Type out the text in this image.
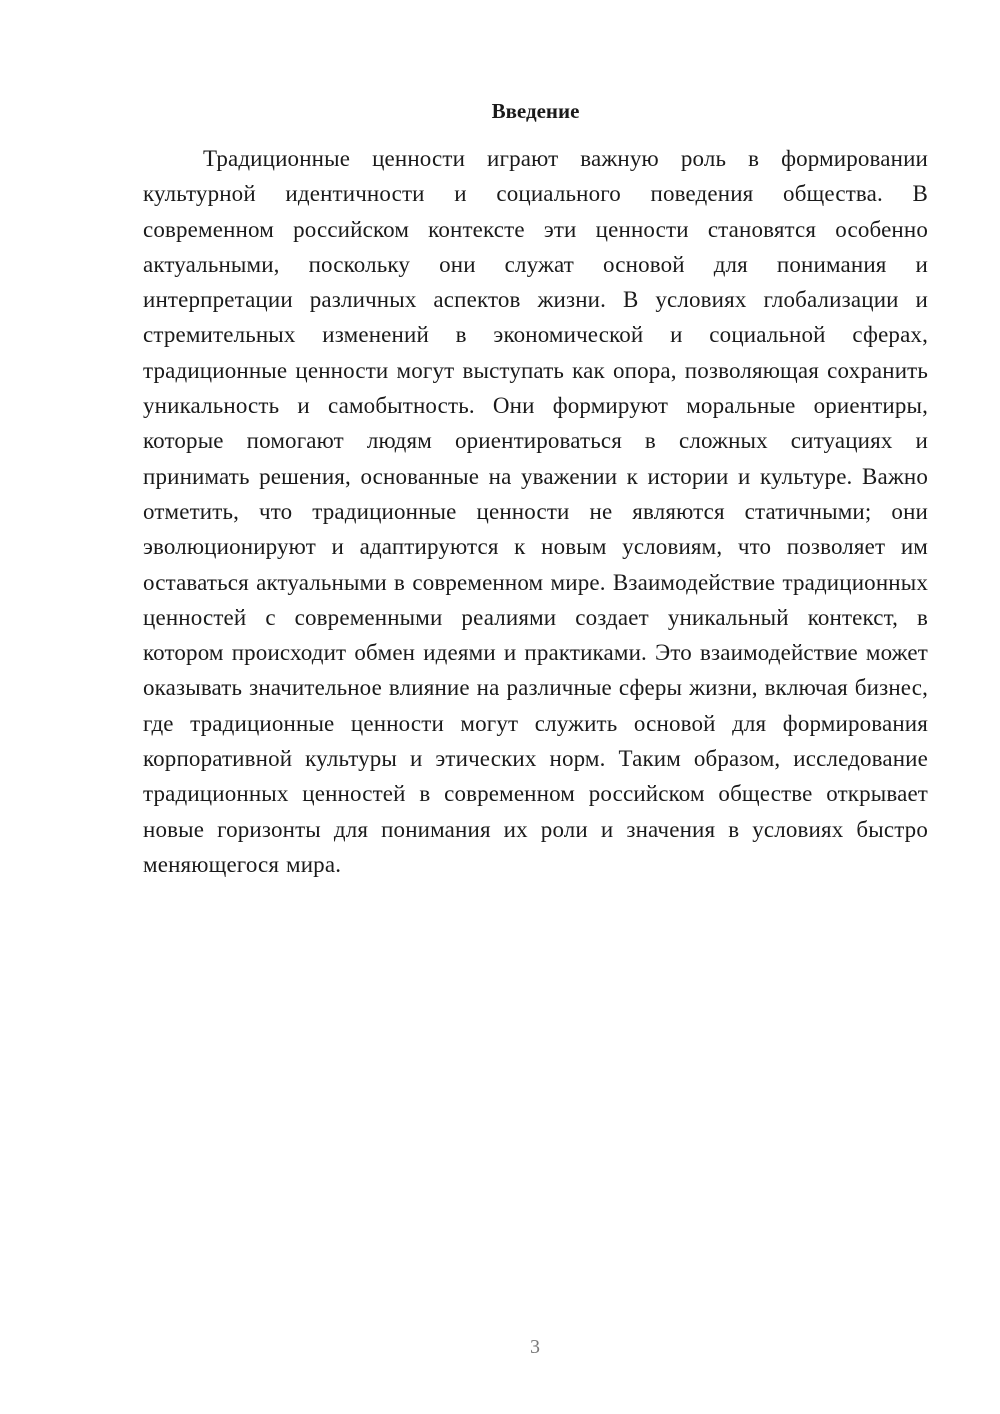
Введение

Традиционные ценности играют важную роль в формировании культурной идентичности и социального поведения общества. В современном российском контексте эти ценности становятся особенно актуальными, поскольку они служат основой для понимания и интерпретации различных аспектов жизни. В условиях глобализации и стремительных изменений в экономической и социальной сферах, традиционные ценности могут выступать как опора, позволяющая сохранить уникальность и самобытность. Они формируют моральные ориентиры, которые помогают людям ориентироваться в сложных ситуациях и принимать решения, основанные на уважении к истории и культуре. Важно отметить, что традиционные ценности не являются статичными; они эволюционируют и адаптируются к новым условиям, что позволяет им оставаться актуальными в современном мире. Взаимодействие традиционных ценностей с современными реалиями создает уникальный контекст, в котором происходит обмен идеями и практиками. Это взаимодействие может оказывать значительное влияние на различные сферы жизни, включая бизнес, где традиционные ценности могут служить основой для формирования корпоративной культуры и этических норм. Таким образом, исследование традиционных ценностей в современном российском обществе открывает новые горизонты для понимания их роли и значения в условиях быстро меняющегося мира.

3
